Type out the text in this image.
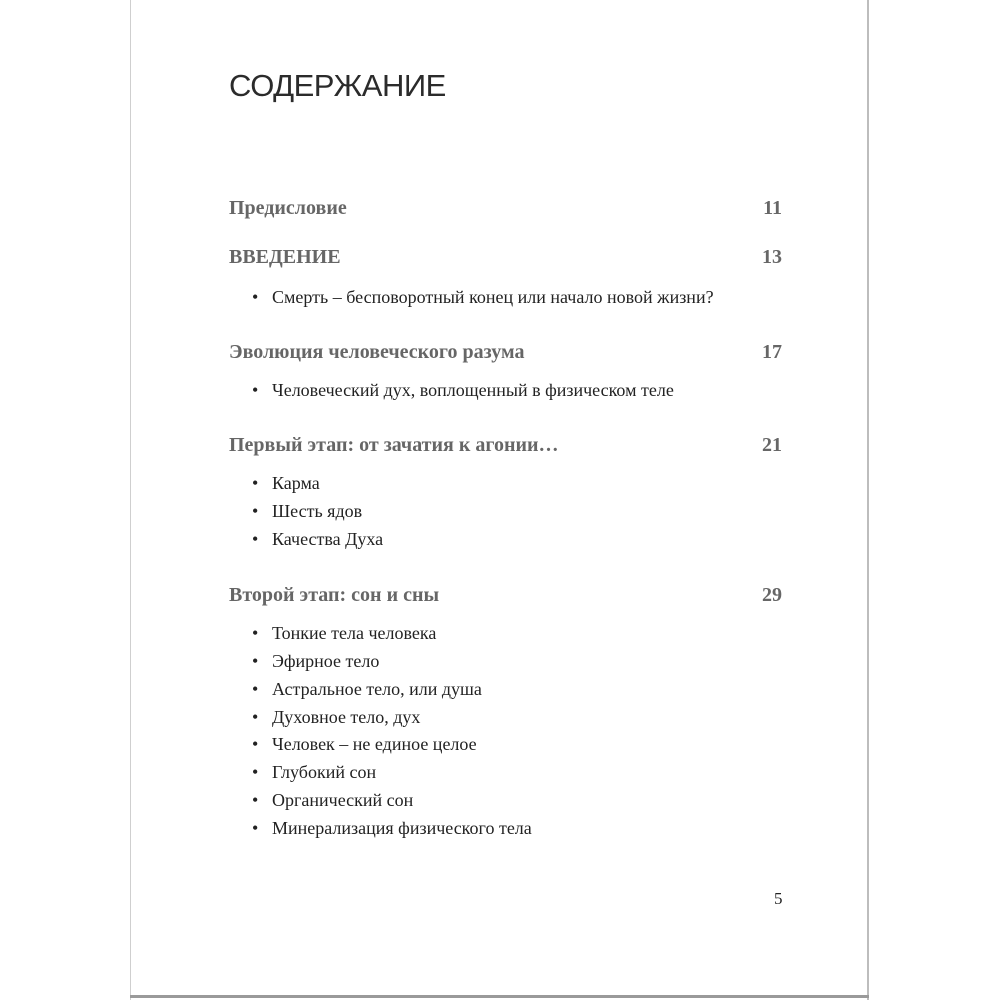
СОДЕРЖАНИЕ
Предисловие	11
ВВЕДЕНИЕ	13
• Смерть – бесповоротный конец или начало новой жизни?
Эволюция человеческого разума	17
• Человеческий дух, воплощенный в физическом теле
Первый этап: от зачатия к агонии…	21
• Карма
• Шесть ядов
• Качества Духа
Второй этап: сон и сны	29
• Тонкие тела человека
• Эфирное тело
• Астральное тело, или душа
• Духовное тело, дух
• Человек – не единое целое
• Глубокий сон
• Органический сон
• Минерализация физического тела
5
